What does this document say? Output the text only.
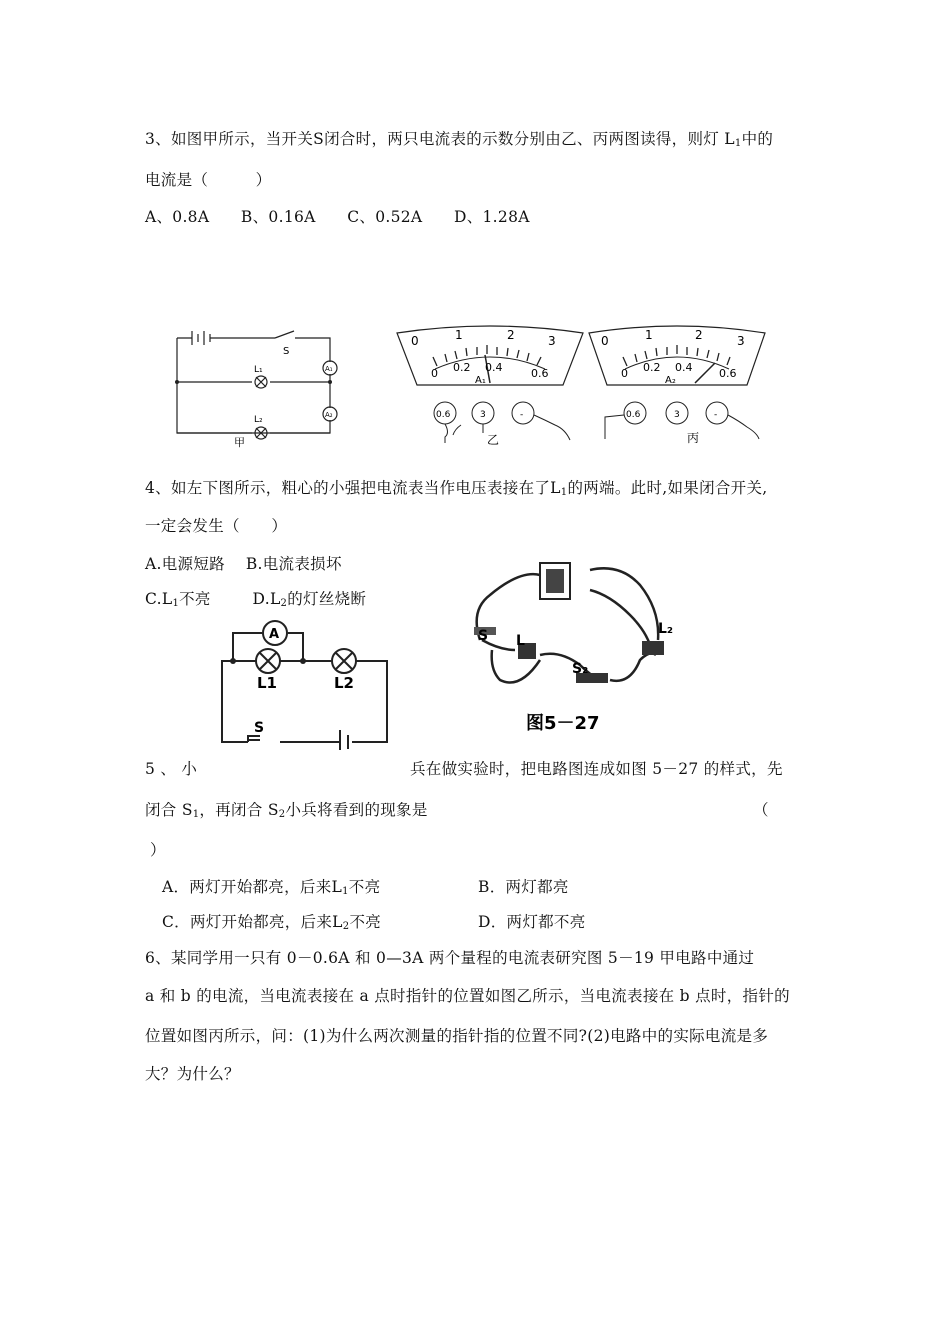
3、如图甲所示，当开关S闭合时，两只电流表的示数分别由乙、丙两图读得，则灯 $L_1$中的
电流是（　　　）
A、0.8A　　B、0.16A　　C、0.52A　　D、1.28A
S
L₁
L₂
A₁
A₂
甲
0	1	2	3
0 0.2 0.4	0.6
A₁
0.6	3	-
乙
0	1	2	3
0 0.2 0.4 0.6
A₂
0.6	3	-
丙
4、如左下图所示，粗心的小强把电流表当作电压表接在了$L_1$的两端。此时,如果闭合开关,
一定会发生（　　）
A.电源短路 B.电流表损坏
$C.L_1$不亮	$D.L_2$的灯丝烧断
A
L1	L2
S
S L
S₂
L₂
图5－27
5 、 小	兵在做实验时，把电路图连成如图 5－27 的样式，先
闭合 $S_1$，再闭合 $S_2$小兵将看到的现象是	（
）
A．两灯开始都亮，后来$L_1$不亮	B．两灯都亮
C．两灯开始都亮，后来$L_2$不亮	D．两灯都不亮
6、某同学用一只有 0－0.6A 和 0—3A 两个量程的电流表研究图 5－19 甲电路中通过
a 和 b 的电流，当电流表接在 a 点时指针的位置如图乙所示，当电流表接在 b 点时，指针的
位置如图丙所示，问：(1)为什么两次测量的指针指的位置不同?(2)电路中的实际电流是多
大？为什么？
